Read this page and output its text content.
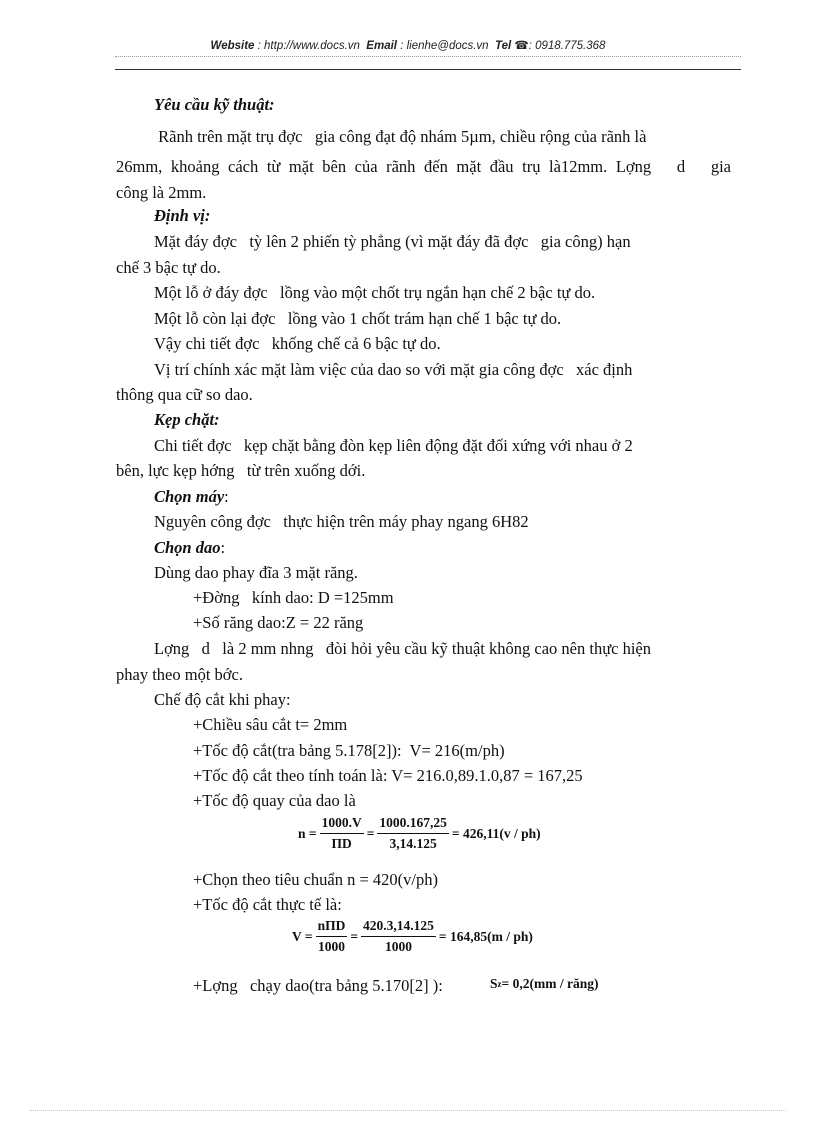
Website : http://www.docs.vn Email : lienhe@docs.vn Tel ☎: 0918.775.368
Yêu cầu kỹ thuật:
Rãnh trên mặt trụ đợc   gia công đạt độ nhám 5µm, chiều rộng của rãnh là
26mm, khoảng cách từ mặt bên của rãnh đến mặt đầu trụ là12mm. Lợng   d   gia
công là 2mm.
Định vị:
Mặt đáy đợc   tỳ lên 2 phiến tỳ phẳng (vì mặt đáy đã đợc   gia công) hạn
chế 3 bậc tự do.
Một lỗ ở đáy đợc   lồng vào một chốt trụ ngắn hạn chế 2 bậc tự do.
Một lỗ còn lại đợc   lồng vào 1 chốt trám hạn chế 1 bậc tự do.
Vậy chi tiết đợc   khống chế cả 6 bậc tự do.
Vị trí chính xác mặt làm việc của dao so với mặt gia công đợc   xác định
thông qua cữ so dao.
Kẹp chặt:
Chi tiết đợc   kẹp chặt bằng đòn kẹp liên động đặt đối xứng với nhau ở 2
bên, lực kẹp hớng   từ trên xuống dới.
Chọn máy:
Nguyên công đợc   thực hiện trên máy phay ngang 6H82
Chọn dao:
Dùng dao phay đĩa 3 mặt răng.
+Đờng   kính dao: D =125mm
+Số răng dao:Z = 22 răng
Lợng   d   là 2 mm nhng   đòi hỏi yêu cầu kỹ thuật không cao nên thực hiện
phay theo một bớc.
Chế độ cắt khi phay:
+Chiều sâu cắt t= 2mm
+Tốc độ cắt(tra bảng 5.178[2]):  V= 216(m/ph)
+Tốc độ cắt theo tính toán là: V= 216.0,89.1.0,87 = 167,25
+Tốc độ quay của dao là
$n = \frac{1000.V}{\Pi D} = \frac{1000.167,25}{3,14.125} = 426,11(v / ph)$
+Chọn theo tiêu chuẩn n = 420(v/ph)
+Tốc độ cắt thực tế là:
$V = \frac{\text{nΠD}}{1000} = \frac{420.3,14.125}{1000} = 164,85(m / ph)$
+Lợng   chạy dao(tra bảng 5.170[2] ):	S z = 0,2(mm / răng)
